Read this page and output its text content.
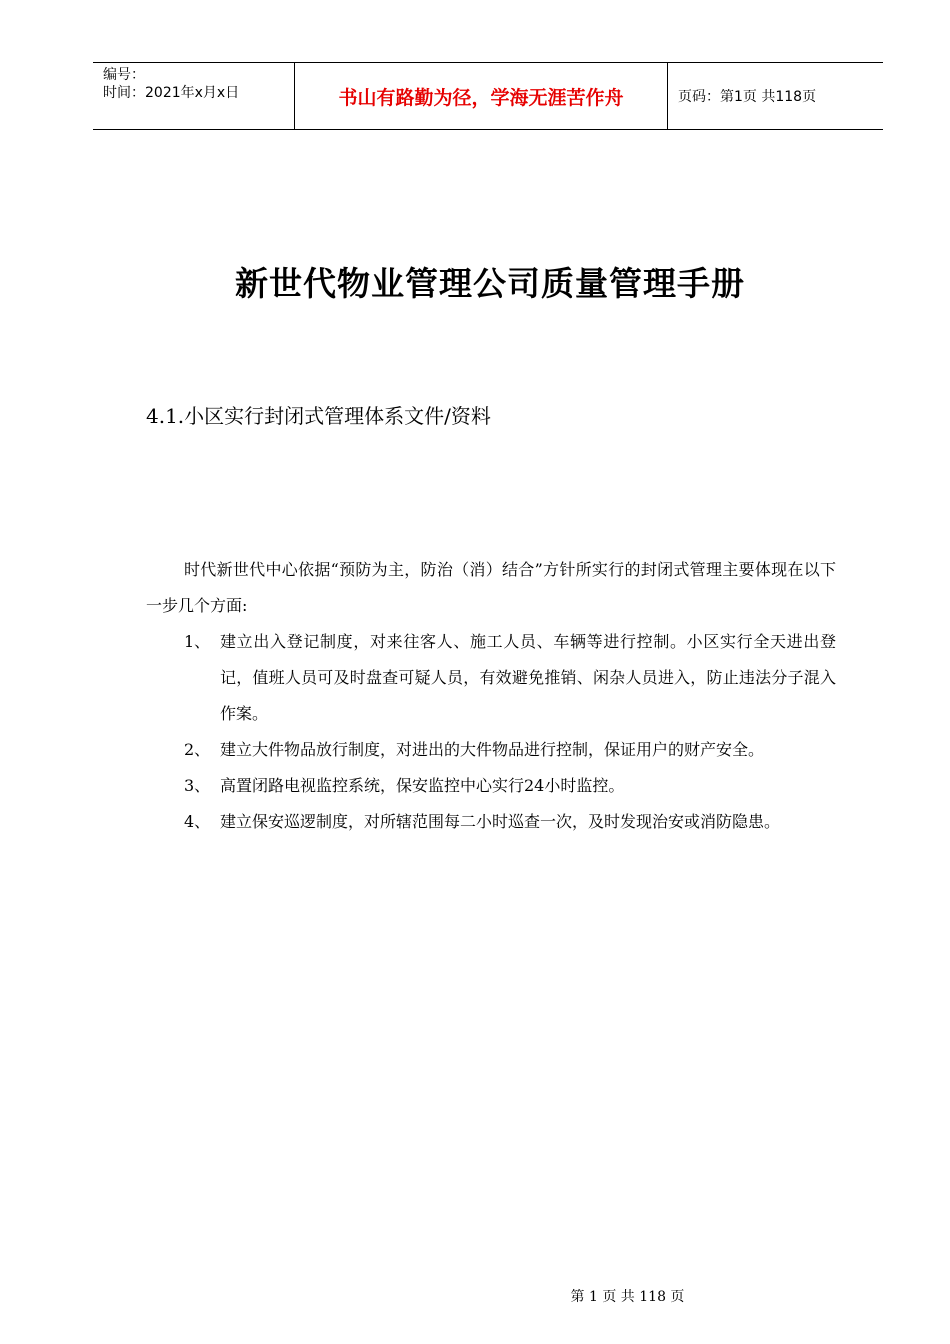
编号：
时间：2021年x月x日	书山有路勤为径，学海无涯苦作舟	页码：第1页 共118页
新世代物业管理公司质量管理手册
4.1.小区实行封闭式管理体系文件/资料

时代新世代中心依据“预防为主，防治（消）结合”方针所实行的封闭式管理主要体现在以下一步几个方面:

1、 建立出入登记制度，对来往客人、施工人员、车辆等进行控制。小区实行全天进出登记，值班人员可及时盘查可疑人员，有效避免推销、闲杂人员进入，防止违法分子混入作案。
2、 建立大件物品放行制度，对进出的大件物品进行控制，保证用户的财产安全。
3、 高置闭路电视监控系统，保安监控中心实行24小时监控。
4、 建立保安巡逻制度，对所辖范围每二小时巡查一次，及时发现治安或消防隐患。
第 1 页 共 118 页
